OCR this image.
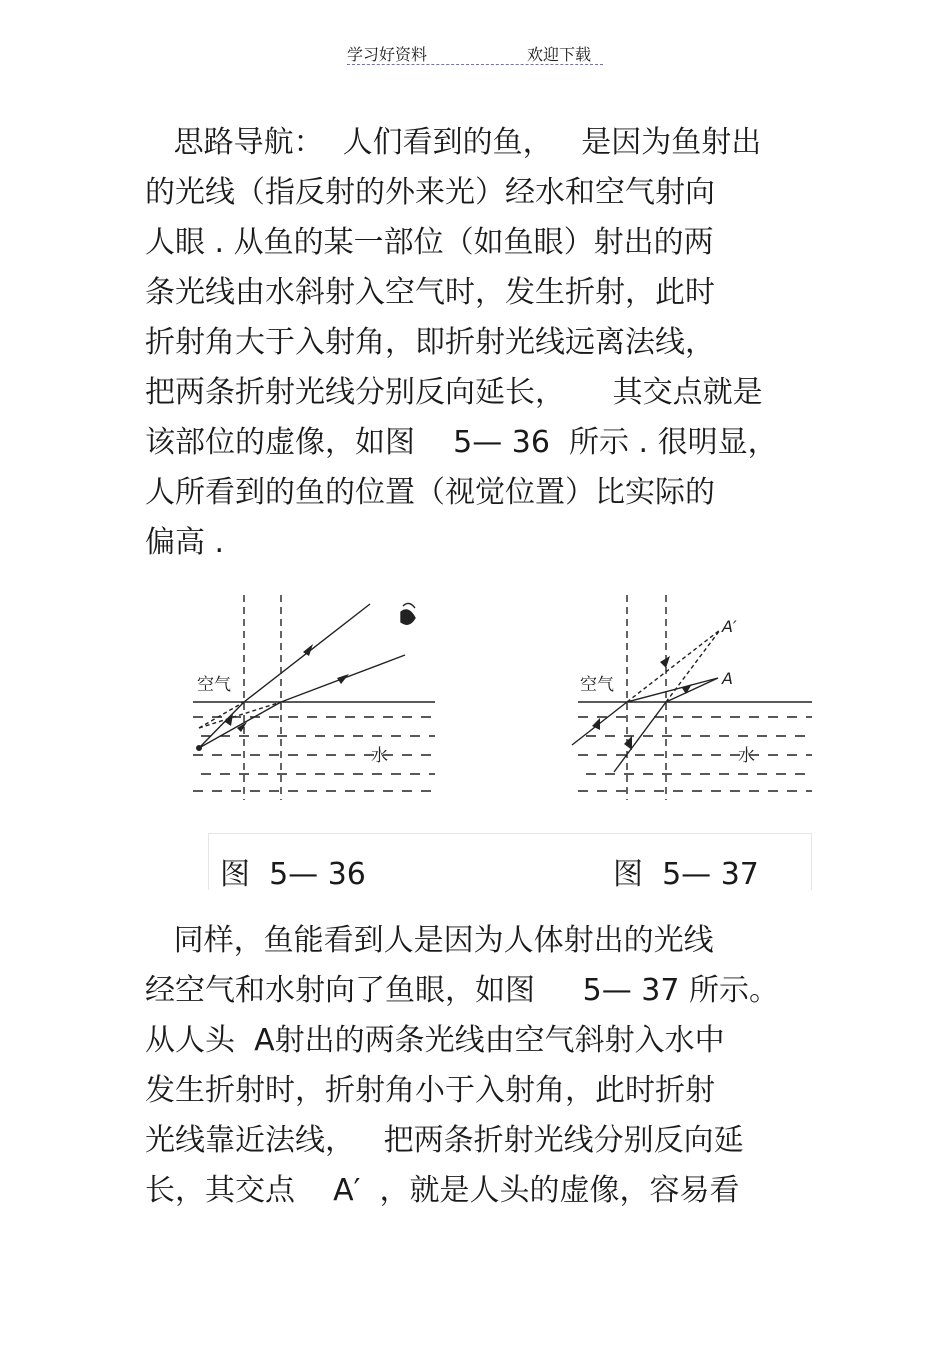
学习好资料	欢迎下载
思路导航：  人们看到的鱼，   是因为鱼射出
的光线（指反射的外来光）经水和空气射向
人眼 . 从鱼的某一部位（如鱼眼）射出的两
条光线由水斜射入空气时，发生折射，此时
折射角大于入射角，即折射光线远离法线，
把两条折射光线分别反向延长，     其交点就是
该部位的虚像，如图    5— 36  所示 . 很明显，
人所看到的鱼的位置（视觉位置）比实际的
偏高 .
空气
水
A′
A
空气
水
图  5— 36	图  5— 37
同样，鱼能看到人是因为人体射出的光线
经空气和水射向了鱼眼，如图     5— 37 所示。
从人头  A射出的两条光线由空气斜射入水中
发生折射时，折射角小于入射角，此时折射
光线靠近法线，   把两条折射光线分别反向延
长，其交点    A′  ，就是人头的虚像，容易看
